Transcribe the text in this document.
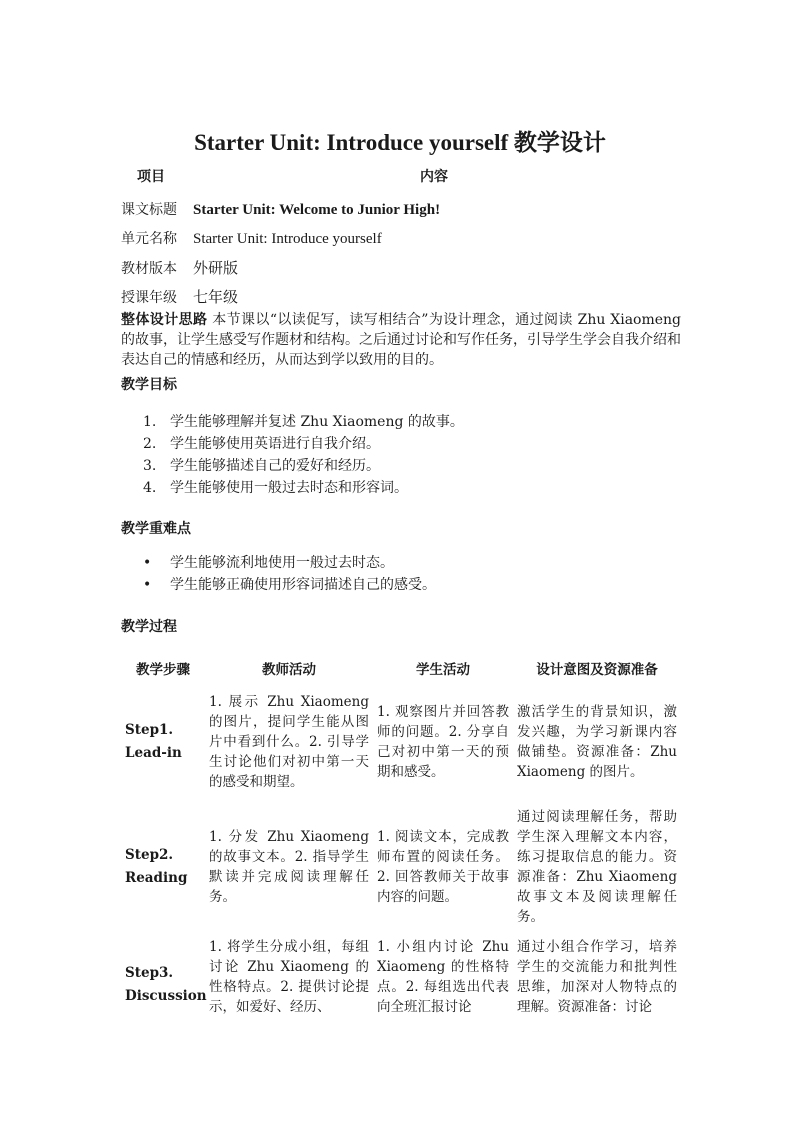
Starter Unit: Introduce yourself 教学设计
项目	内容
课文标题 Starter Unit: Welcome to Junior High!
单元名称 Starter Unit: Introduce yourself
教材版本 外研版
授课年级 七年级
整体设计思路 本节课以“以读促写，读写相结合”为设计理念，通过阅读 Zhu Xiaomeng 的故事，让学生感受写作题材和结构。之后通过讨论和写作任务，引导学生学会自我介绍和表达自己的情感和经历，从而达到学以致用的目的。
教学目标
1. 学生能够理解并复述 Zhu Xiaomeng 的故事。
2. 学生能够使用英语进行自我介绍。
3. 学生能够描述自己的爱好和经历。
4. 学生能够使用一般过去时态和形容词。
教学重难点
• 学生能够流利地使用一般过去时态。
• 学生能够正确使用形容词描述自己的感受。
教学过程
教学步骤	教师活动	学生活动	设计意图及资源准备
Step1.
Lead-in	1. 展示 Zhu Xiaomeng 的图片，提问学生能从图片中看到什么。2. 引导学生讨论他们对初中第一天的感受和期望。	1. 观察图片并回答教师的问题。2. 分享自己对初中第一天的预期和感受。	激活学生的背景知识，激发兴趣，为学习新课内容做铺垫。资源准备：Zhu Xiaomeng 的图片。
Step2.
Reading	1. 分发 Zhu Xiaomeng 的故事文本。2. 指导学生默读并完成阅读理解任务。	1. 阅读文本，完成教师布置的阅读任务。2. 回答教师关于故事内容的问题。	通过阅读理解任务，帮助学生深入理解文本内容，练习提取信息的能力。资源准备：Zhu Xiaomeng 故事文本及阅读理解任务。
Step3.
Discussion	1. 将学生分成小组，每组讨论 Zhu Xiaomeng 的性格特点。2. 提供讨论提示，如爱好、经历、	1. 小组内讨论 Zhu Xiaomeng 的性格特点。2. 每组选出代表向全班汇报讨论	通过小组合作学习，培养学生的交流能力和批判性思维，加深对人物特点的理解。资源准备：讨论
